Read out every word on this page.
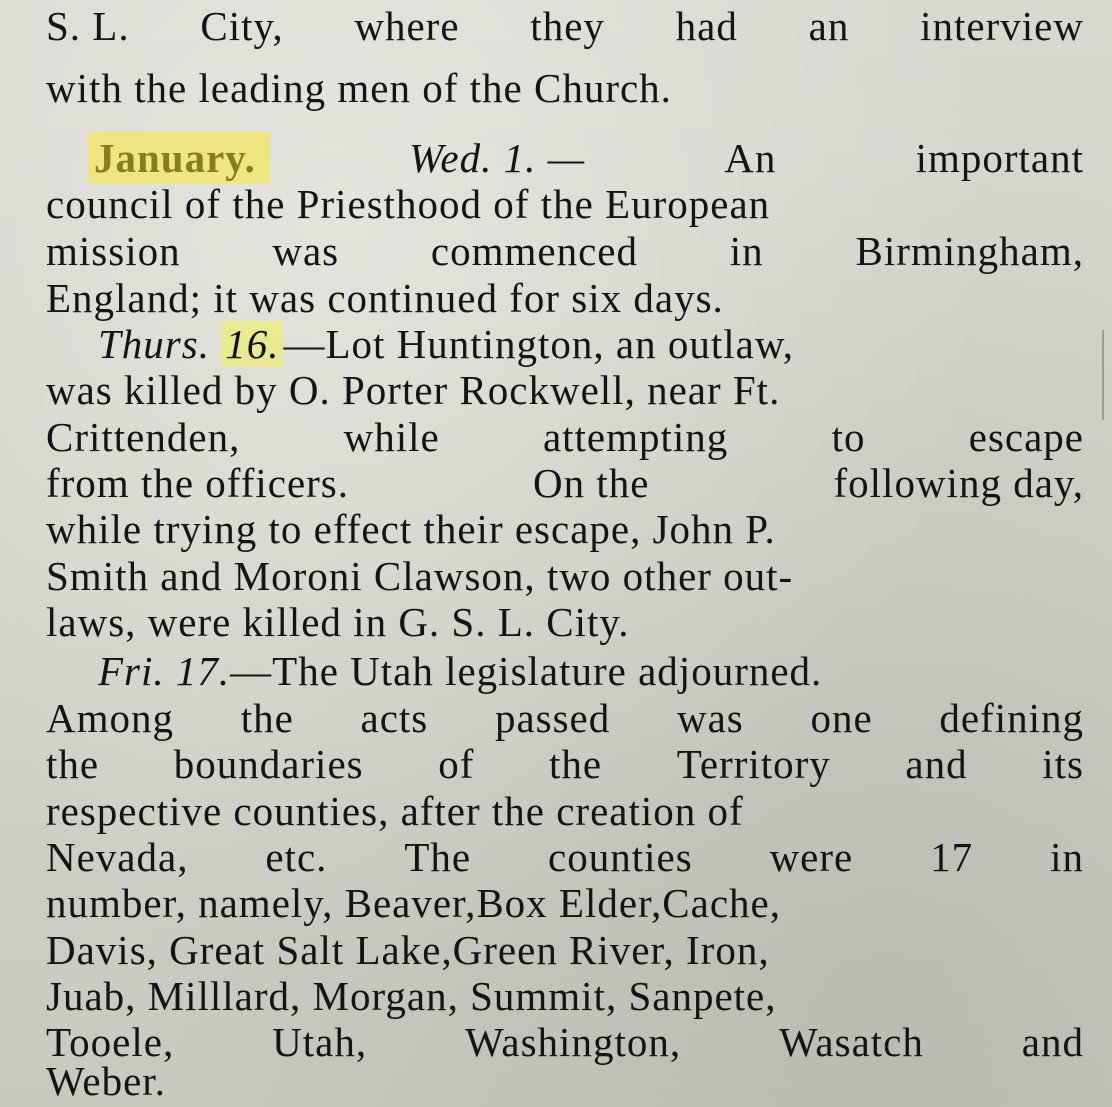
S. L. City, where they had an interview
with the leading men of the Church.
January.	Wed. 1. —	An	important
council of the Priesthood of the European
mission was commenced in Birmingham,
England; it was continued for six days.
Thurs. 16.—Lot Huntington, an outlaw,
was killed by O. Porter Rockwell, near Ft.
Crittenden,	while	attempting	to	escape
from the officers.	On the	following day,
while trying to effect their escape, John P.
Smith and Moroni Clawson, two other out-
laws, were killed in G. S. L. City.
Fri. 17.—The Utah legislature adjourned.
Among the acts passed was one defining
the boundaries of the Territory and its
respective counties, after the creation of
Nevada, etc. The counties were 17 in
number, namely, Beaver,Box Elder,Cache,
Davis, Great Salt Lake,Green River, Iron,
Juab, Milllard, Morgan, Summit, Sanpete,
Tooele, Utah, Washington, Wasatch and
Weber.
